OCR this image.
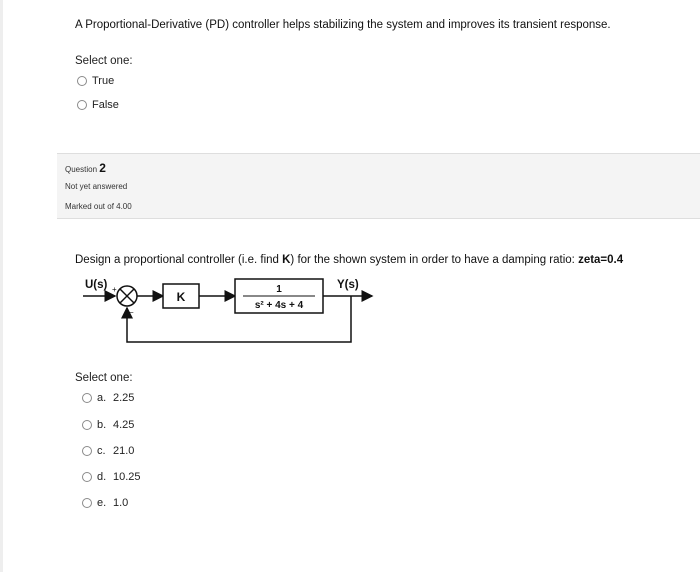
A Proportional-Derivative (PD) controller helps stabilizing the system and improves its transient response.
Select one:
True
False
Question 2
Not yet answered
Marked out of 4.00
Design a proportional controller (i.e. find K) for the shown system in order to have a damping ratio: zeta=0.4
U(s) +
−
K
1
s² + 4s + 4
Y(s)
Select one:
a. 2.25
b. 4.25
c. 21.0
d. 10.25
e. 1.0
